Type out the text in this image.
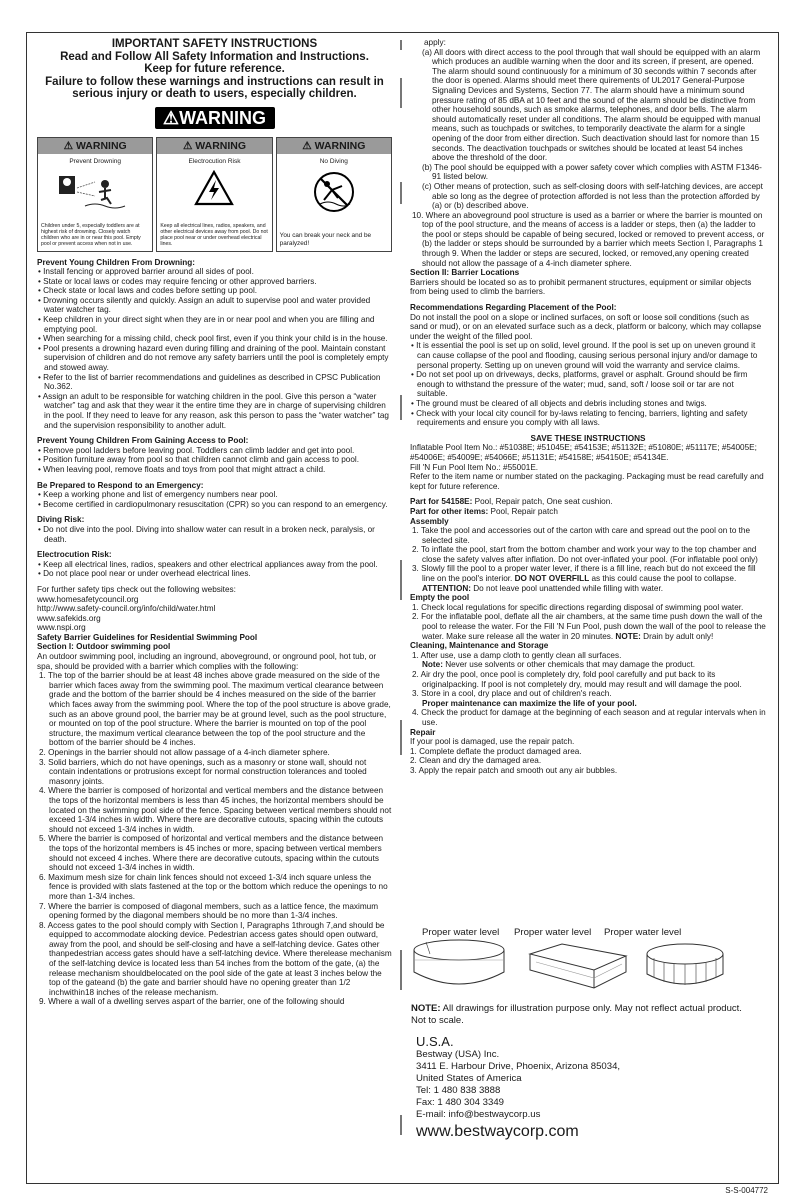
IMPORTANT SAFETY INSTRUCTIONS
Read and Follow All Safety Information and Instructions.
Keep for future reference.
Failure to follow these warnings and instructions can result in serious injury or death to users, especially children.
⚠WARNING
⚠ WARNING
Prevent Drowning
Children under 5, especially toddlers are at highest risk of drowning. Closely watch children who are in or near this pool. Empty pool or prevent access when not in use.
⚠ WARNING
Electrocution Risk
Keep all electrical lines, radios, speakers, and other electrical devices away from pool. Do not place pool near or under overhead electrical lines.
⚠ WARNING
No Diving
You can break your neck and be paralyzed!
Prevent Young Children From Drowning:

• Install fencing or approved barrier around all sides of pool.

• State or local laws or codes may require fencing or other approved barriers.

• Check state or local laws and codes before setting up pool.

• Drowning occurs silently and quickly. Assign an adult to supervise pool and water provided water watcher tag.

• Keep children in your direct sight when they are in or near pool and when you are filling and emptying pool.

• When searching for a missing child, check pool first, even if you think your child is in the house.

• Pool presents a drowning hazard even during filling and draining of the pool. Maintain constant supervision of children and do not remove any safety barriers until the pool is completely empty and stowed away.

• Refer to the list of barrier recommendations and guidelines as described in CPSC Publication No.362.

• Assign an adult to be responsible for watching children in the pool. Give this person a “water watcher” tag and ask that they wear it the entire time they are in charge of supervising children in the pool. If they need to leave for any reason, ask this person to pass the “water watcher” tag and the supervision responsibility to another adult.

Prevent Young Children From Gaining Access to Pool:

• Remove pool ladders before leaving pool. Toddlers can climb ladder and get into pool.

• Position furniture away from pool so that children cannot climb and gain access to pool.

• When leaving pool, remove floats and toys from pool that might attract a child.

Be Prepared to Respond to an Emergency:

• Keep a working phone and list of emergency numbers near pool.

• Become certified in cardiopulmonary resuscitation (CPR) so you can respond to an emergency.

Diving Risk:

• Do not dive into the pool. Diving into shallow water can result in a broken neck, paralysis, or death.

Electrocution Risk:

• Keep all electrical lines, radios, speakers and other electrical appliances away from the pool.

• Do not place pool near or under overhead electrical lines.

For further safety tips check out the following websites:

www.homesafetycouncil.org

http://www.safety-council.org/info/child/water.html

www.safekids.org

www.nspi.org

Safety Barrier Guidelines for Residential Swimming Pool
Section I: Outdoor swimming pool

An outdoor swimming pool, including an inground, aboveground, or onground pool, hot tub, or spa, should be provided with a barrier which complies with the following:

1. The top of the barrier should be at least 48 inches above grade measured on the side of the barrier which faces away from the swimming pool. The maximum vertical clearance between grade and the bottom of the barrier should be 4 inches measured on the side of the barrier which faces away from the swimming pool. Where the top of the pool structure is above grade, such as an above ground pool, the barrier may be at ground level, such as the pool structure, or mounted on top of the pool structure. Where the barrier is mounted on top of the pool structure, the maximum vertical clearance between the top of the pool structure and the bottom of the barrier should be 4 inches.

2. Openings in the barrier should not allow passage of a 4-inch diameter sphere.

3. Solid barriers, which do not have openings, such as a masonry or stone wall, should not contain indentations or protrusions except for normal construction tolerances and tooled masonry joints.

4. Where the barrier is composed of horizontal and vertical members and the distance between the tops of the horizontal members is less than 45 inches, the horizontal members should be located on the swimming pool side of the fence. Spacing between vertical members should not exceed 1-3/4 inches in width. Where there are decorative cutouts, spacing within the cutouts should not exceed 1-3/4 inches in width.

5. Where the barrier is composed of horizontal and vertical members and the distance between the tops of the horizontal members is 45 inches or more, spacing between vertical members should not exceed 4 inches. Where there are decorative cutouts, spacing within the cutouts should not exceed 1-3/4 inches in width.

6. Maximum mesh size for chain link fences should not exceed 1-3/4 inch square unless the fence is provided with slats fastened at the top or the bottom which reduce the openings to no more than 1-3/4 inches.

7. Where the barrier is composed of diagonal members, such as a lattice fence, the maximum opening formed by the diagonal members should be no more than 1-3/4 inches.

8. Access gates to the pool should comply with Section I, Paragraphs 1through 7,and should be equipped to accommodate alocking device. Pedestrian access gates should open outward, away from the pool, and should be self-closing and have a self-latching device. Gates other thanpedestrian access gates should have a self-latching device. Where therelease mechanism of the self-latching device is located less than 54 inches from the bottom of the gate, (a) the release mechanism shouldbelocated on the pool side of the gate at least 3 inches below the top of the gateand (b) the gate and barrier should have no opening greater than 1/2 inchwithin18 inches of the release mechanism.

9. Where a wall of a dwelling serves aspart of the barrier, one of the following should

apply:

(a) All doors with direct access to the pool through that wall should be equipped with an alarm which produces an audible warning when the door and its screen, if present, are opened. The alarm should sound continuously for a minimum of 30 seconds within 7 seconds after the door is opened. Alarms should meet there quirements of UL2017 General-Purpose Signaling Devices and Systems, Section 77. The alarm should have a minimum sound pressure rating of 85 dBA at 10 feet and the sound of the alarm should be distinctive from other household sounds, such as smoke alarms, telephones, and door bells. The alarm should automatically reset under all conditions. The alarm should be equipped with manual means, such as touchpads or switches, to temporarily deactivate the alarm for a single opening of the door from either direction. Such deactivation should last for nomore than 15 seconds. The deactivation touchpads or switches should be located at least 54 inches above the threshold of the door.

(b) The pool should be equipped with a power safety cover which complies with ASTM F1346-91 listed below.

(c) Other means of protection, such as self-closing doors with self-latching devices, are accept able so long as the degree of protection afforded is not less than the protection afforded by (a) or (b) described above.

10. Where an aboveground pool structure is used as a barrier or where the barrier is mounted on top of the pool structure, and the means of access is a ladder or steps, then (a) the ladder to the pool or steps should be capable of being secured, locked or removed to prevent access, or (b) the ladder or steps should be surrounded by a barrier which meets Section I, Paragraphs 1 through 9. When the ladder or steps are secured, locked, or removed,any opening created should not allow the passage of a 4-inch diameter sphere.

Section II: Barrier Locations

Barriers should be located so as to prohibit permanent structures, equipment or similar objects from being used to climb the barriers.

Recommendations Regarding Placement of the Pool:

Do not install the pool on a slope or inclined surfaces, on soft or loose soil conditions (such as sand or mud), or on an elevated surface such as a deck, platform or balcony, which may collapse under the weight of the filled pool.

• It is essential the pool is set up on solid, level ground. If the pool is set up on uneven ground it can cause collapse of the pool and flooding, causing serious personal injury and/or damage to personal property. Setting up on uneven ground will void the warranty and service claims.

• Do not set pool up on driveways, decks, platforms, gravel or asphalt. Ground should be firm enough to withstand the pressure of the water; mud, sand, soft / loose soil or tar are not suitable.

• The ground must be cleared of all objects and debris including stones and twigs.

• Check with your local city council for by-laws relating to fencing, barriers, lighting and safety requirements and ensure you comply with all laws.

SAVE THESE INSTRUCTIONS

Inflatable Pool Item No.: #51038E; #51045E; #54153E; #51132E; #51080E; #51117E; #54005E; #54006E; #54009E; #54066E; #51131E; #54158E; #54150E; #54134E.

Fill 'N Fun Pool Item No.: #55001E.

Refer to the item name or number stated on the packaging. Packaging must be read carefully and kept for future reference.

Part for 54158E: Pool, Repair patch, One seat cushion.

Part for other items: Pool, Repair patch

Assembly

1. Take the pool and accessories out of the carton with care and spread out the pool on to the selected site.

2. To inflate the pool, start from the bottom chamber and work your way to the top chamber and close the safety valves after inflation. Do not over-inflated your pool. (For inflatable pool only)

3. Slowly fill the pool to a proper water lever, if there is a fill line, reach but do not exceed the fill line on the pool's interior. DO NOT OVERFILL as this could cause the pool to collapse.

ATTENTION: Do not leave pool unattended while filling with water.

Empty the pool

1. Check local regulations for specific directions regarding disposal of swimming pool water.

2. For the inflatable pool, deflate all the air chambers, at the same time push down the wall of the pool to release the water. For the Fill 'N Fun Pool, push down the wall of the pool to release the water. Make sure release all the water in 20 minutes. NOTE: Drain by adult only!

Cleaning, Maintenance and Storage

1. After use, use a damp cloth to gently clean all surfaces.

Note: Never use solvents or other chemicals that may damage the product.

2. Air dry the pool, once pool is completely dry, fold pool carefully and put back to its originalpacking. If pool is not completely dry, mould may result and will damage the pool.

3. Store in a cool, dry place and out of children's reach.

Proper maintenance can maximize the life of your pool.

4. Check the product for damage at the beginning of each season and at regular intervals when in use.

Repair

If your pool is damaged, use the repair patch.

1. Complete deflate the product damaged area.

2. Clean and dry the damaged area.

3. Apply the repair patch and smooth out any air bubbles.

Proper water level Proper water level Proper water level
NOTE: All drawings for illustration purpose only. May not reflect actual product. Not to scale.
U.S.A.
Bestway (USA) Inc.
3411 E. Harbour Drive, Phoenix, Arizona 85034,
United States of America
Tel: 1 480 838 3888
Fax: 1 480 304 3349
E-mail: info@bestwaycorp.us
www.bestwaycorp.com
S-S-004772
